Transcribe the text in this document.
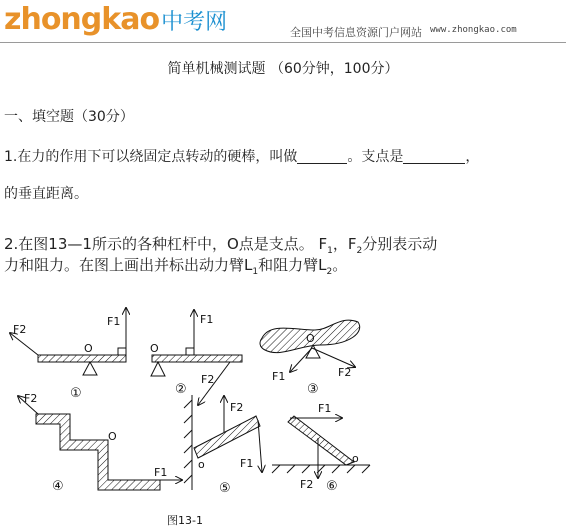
zhongkao中考网	全国中考信息资源门户网站 www.zhongkao.com
简单机械测试题 （60分钟，100分）
一、填空题（30分）
1.在力的作用下可以绕固定点转动的硬棒，叫做	。支点是	，
的垂直距离。
2.在图13—1所示的各种杠杆中，O点是支点。 $F_1$，$F_2$分别表示动
力和阻力。在图上画出并标出动力臂$L_1$和阻力臂$L_2$。
F1
F2
O
①
F1
F2
O
②
F1	F2
O
③
F2
F1
O
④
F2
F1
o
⑤
F1
F2
o
⑥
图13-1
